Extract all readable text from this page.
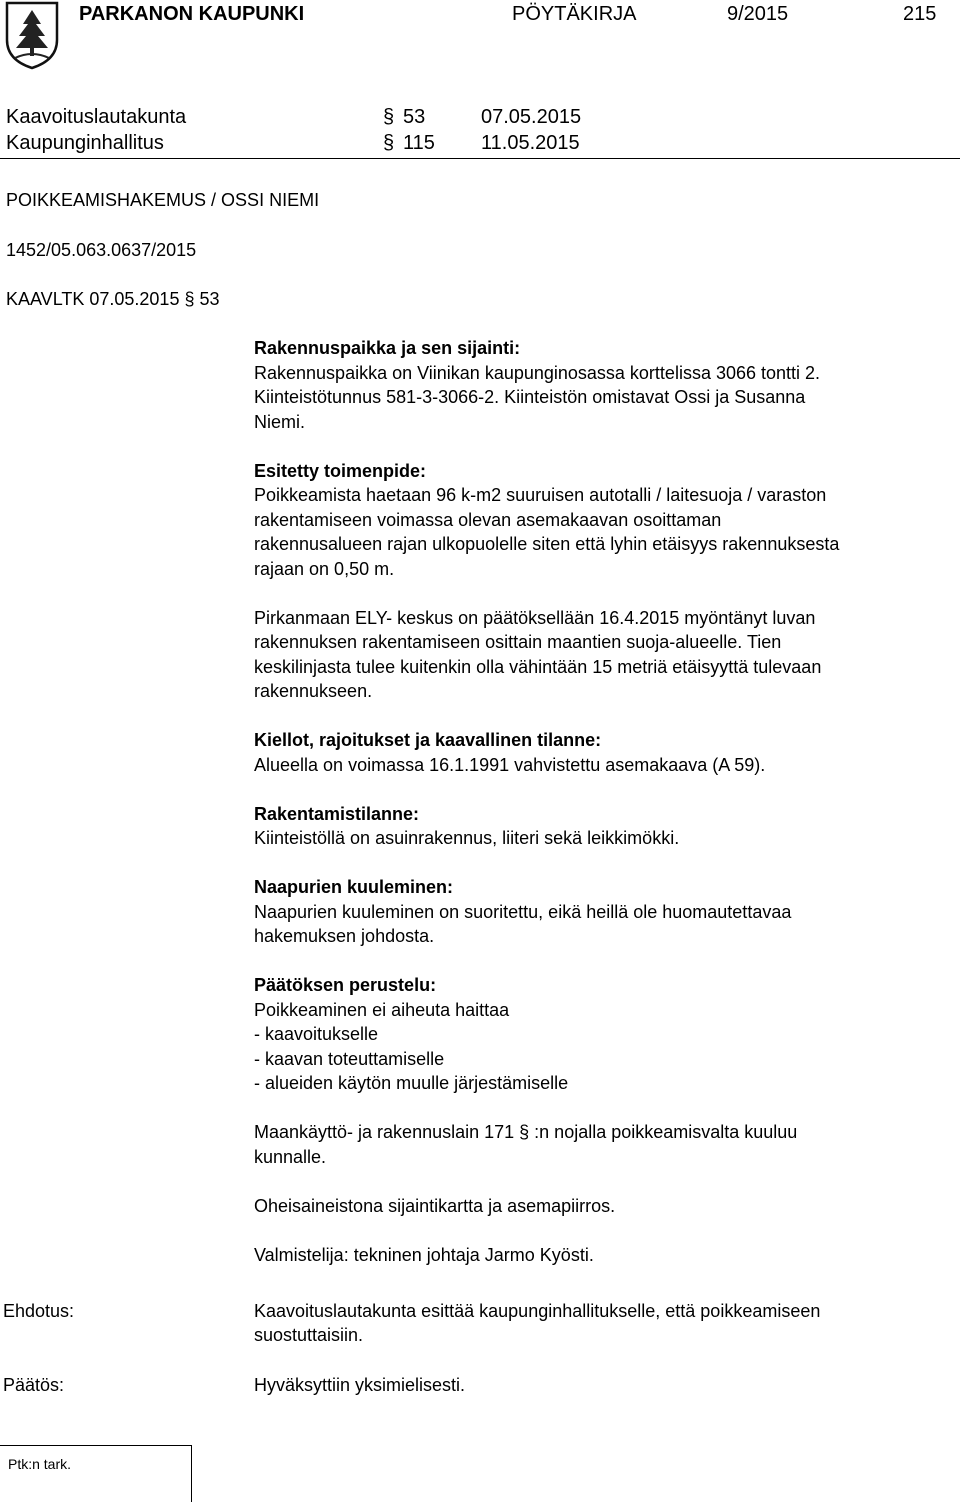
PARKANON KAUPUNKI	PÖYTÄKIRJA	9/2015	215
Kaavoituslautakunta	§ 53	07.05.2015
Kaupunginhallitus	§ 115 11.05.2015
POIKKEAMISHAKEMUS / OSSI NIEMI
1452/05.063.0637/2015
KAAVLTK 07.05.2015 § 53
Rakennuspaikka ja sen sijainti:
Rakennuspaikka on Viinikan kaupunginosassa korttelissa 3066 tontti 2.
Kiinteistötunnus 581-3-3066-2. Kiinteistön omistavat Ossi ja Susanna
Niemi.
Esitetty toimenpide:
Poikkeamista haetaan 96 k-m2 suuruisen autotalli / laitesuoja / varaston
rakentamiseen voimassa olevan asemakaavan osoittaman
rakennusalueen rajan ulkopuolelle siten että lyhin etäisyys rakennuksesta
rajaan on 0,50 m.
Pirkanmaan ELY- keskus on päätöksellään 16.4.2015 myöntänyt luvan
rakennuksen rakentamiseen osittain maantien suoja-alueelle. Tien
keskilinjasta tulee kuitenkin olla vähintään 15 metriä etäisyyttä tulevaan
rakennukseen.
Kiellot, rajoitukset ja kaavallinen tilanne:
Alueella on voimassa 16.1.1991 vahvistettu asemakaava (A 59).
Rakentamistilanne:
Kiinteistöllä on asuinrakennus, liiteri sekä leikkimökki.
Naapurien kuuleminen:
Naapurien kuuleminen on suoritettu, eikä heillä ole huomautettavaa
hakemuksen johdosta.
Päätöksen perustelu:
Poikkeaminen ei aiheuta haittaa
- kaavoitukselle
- kaavan toteuttamiselle
- alueiden käytön muulle järjestämiselle
Maankäyttö- ja rakennuslain 171 § :n nojalla poikkeamisvalta kuuluu
kunnalle.
Oheisaineistona sijaintikartta ja asemapiirros.
Valmistelija: tekninen johtaja Jarmo Kyösti.
Ehdotus:	Kaavoituslautakunta esittää kaupunginhallitukselle, että poikkeamiseen
suostuttaisiin.
Päätös:	Hyväksyttiin yksimielisesti.
Ptk:n tark.
